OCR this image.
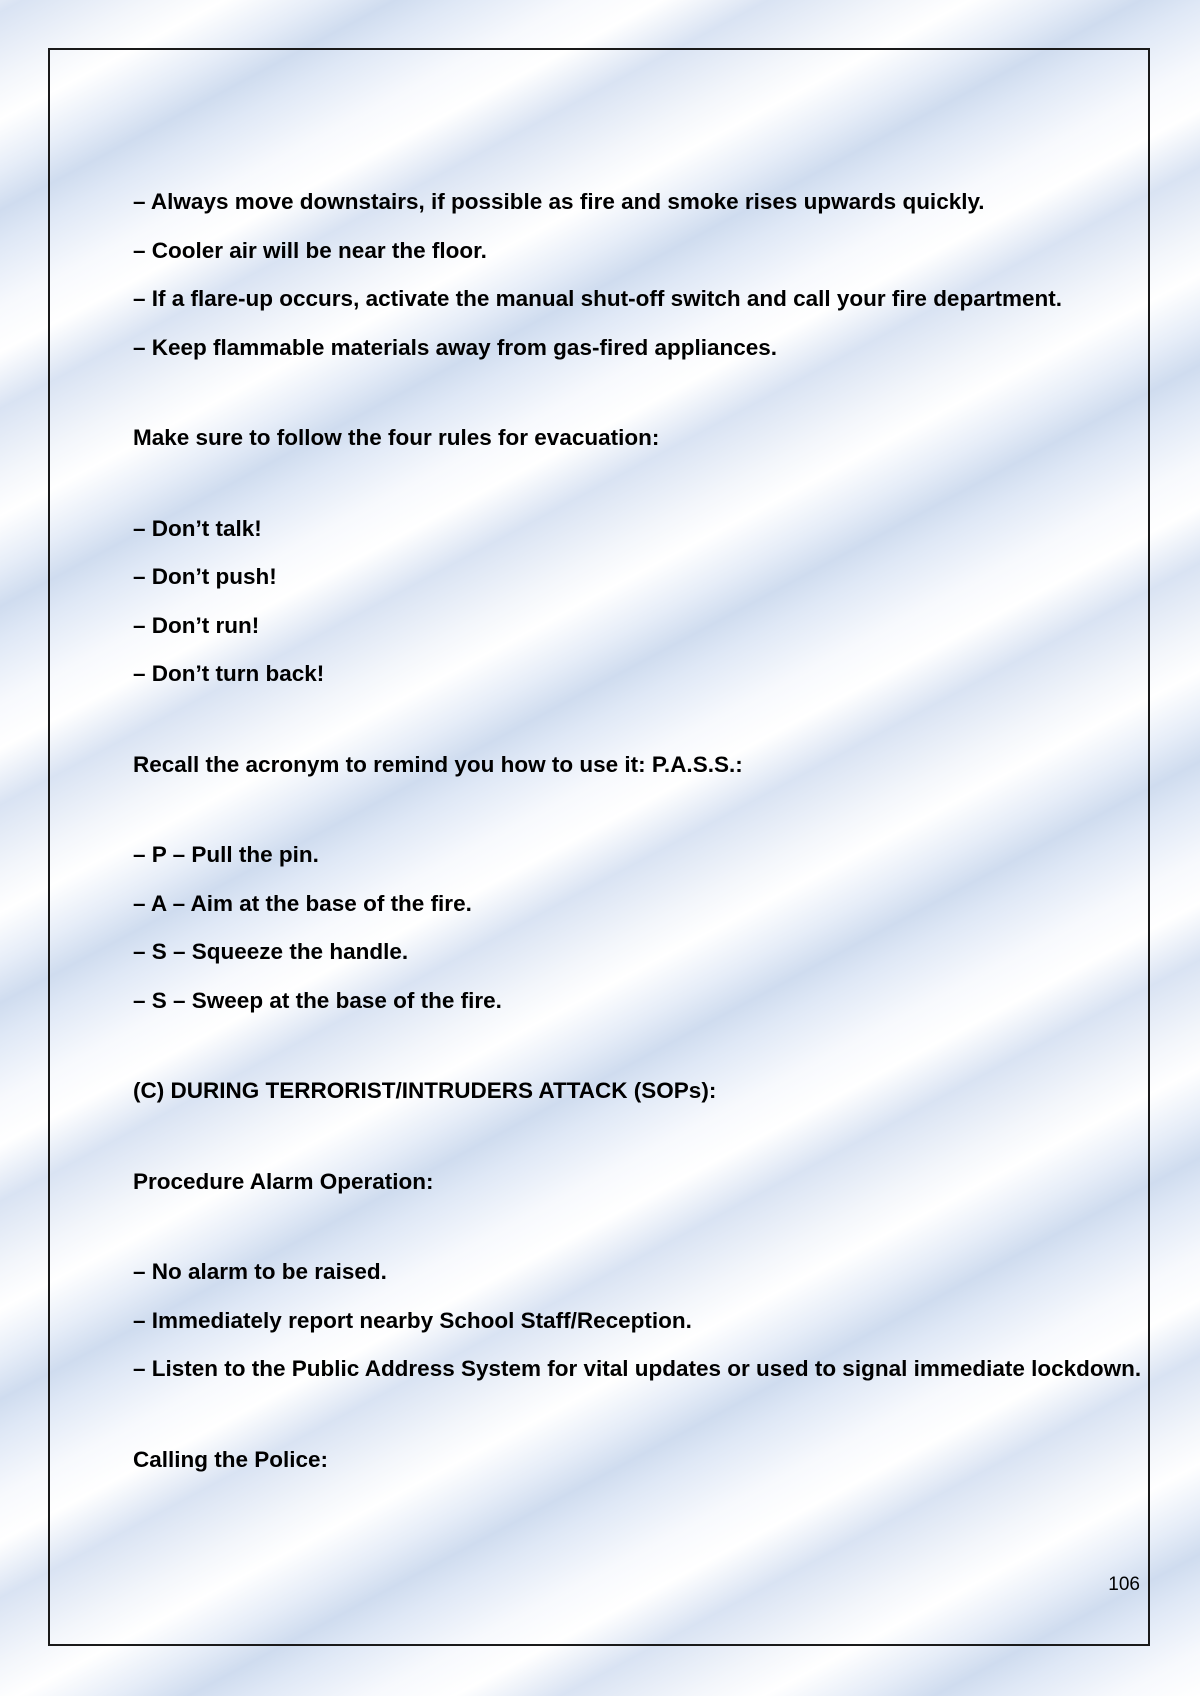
– Always move downstairs, if possible as fire and smoke rises upwards quickly.

– Cooler air will be near the floor.

– If a flare-up occurs, activate the manual shut-off switch and call your fire department.

– Keep flammable materials away from gas-fired appliances.

Make sure to follow the four rules for evacuation:

– Don’t talk!

– Don’t push!

– Don’t run!

– Don’t turn back!

Recall the acronym to remind you how to use it: P.A.S.S.:

– P – Pull the pin.

– A – Aim at the base of the fire.

– S – Squeeze the handle.

– S – Sweep at the base of the fire.

(C) DURING TERRORIST/INTRUDERS ATTACK (SOPs):

Procedure Alarm Operation:

– No alarm to be raised.

– Immediately report nearby School Staff/Reception.

– Listen to the Public Address System for vital updates or used to signal immediate lockdown.

Calling the Police:

106
